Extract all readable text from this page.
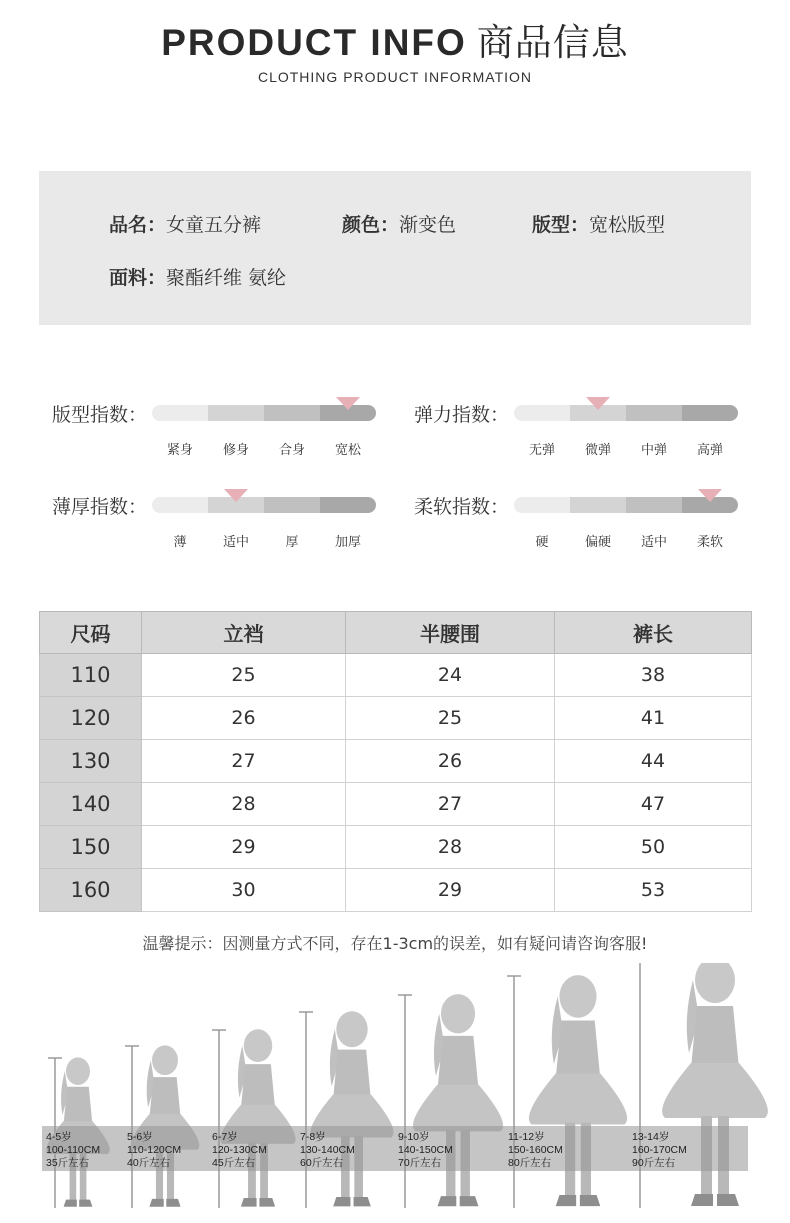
PRODUCT INFO 商品信息
CLOTHING PRODUCT INFORMATION
品名：女童五分裤	颜色：渐变色	版型：宽松版型
面料：聚酯纤维 氨纶
版型指数：
紧身	修身	合身	宽松
弹力指数：
无弹	微弹	中弹	高弹
薄厚指数：
薄	适中	厚	加厚
柔软指数：
硬	偏硬	适中	柔软
尺码	立裆	半腰围	裤长
110	25	24	38
120	26	25	41
130	27	26	44
140	28	27	47
150	29	28	50
160	30	29	53
温馨提示：因测量方式不同，存在1-3cm的误差，如有疑问请咨询客服!
4-5岁
100-110CM
35斤左右
5-6岁
110-120CM
40斤左右
6-7岁
120-130CM
45斤左右
7-8岁
130-140CM
60斤左右
9-10岁
140-150CM
70斤左右
11-12岁
150-160CM
80斤左右
13-14岁
160-170CM
90斤左右
